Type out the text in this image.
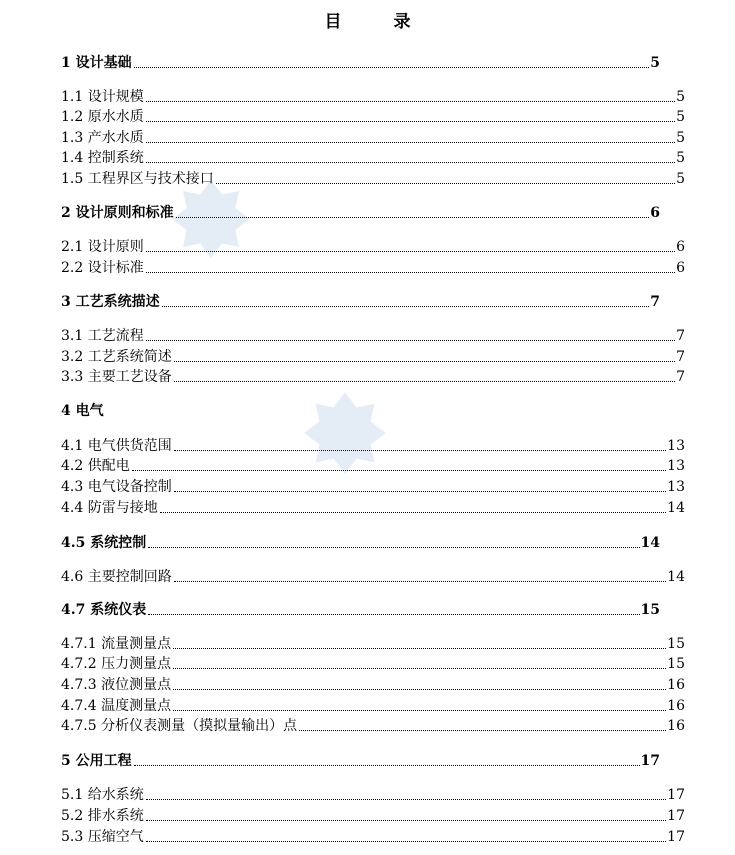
目	录
1 设计基础	5
1.1 设计规模	5
1.2 原水水质	5
1.3 产水水质	5
1.4 控制系统	5
1.5 工程界区与技术接口	5
2 设计原则和标准	6
2.1 设计原则	6
2.2 设计标准	6
3 工艺系统描述	7
3.1 工艺流程	7
3.2 工艺系统简述	7
3.3 主要工艺设备	7
4 电气
4.1 电气供货范围	13
4.2 供配电	13
4.3 电气设备控制	13
4.4 防雷与接地	14
4.5 系统控制	14
4.6 主要控制回路	14
4.7 系统仪表	15
4.7.1 流量测量点	15
4.7.2 压力测量点	15
4.7.3 液位测量点	16
4.7.4 温度测量点	16
4.7.5 分析仪表测量（摸拟量输出）点	16
5 公用工程	17
5.1 给水系统	17
5.2 排水系统	17
5.3 压缩空气	17
